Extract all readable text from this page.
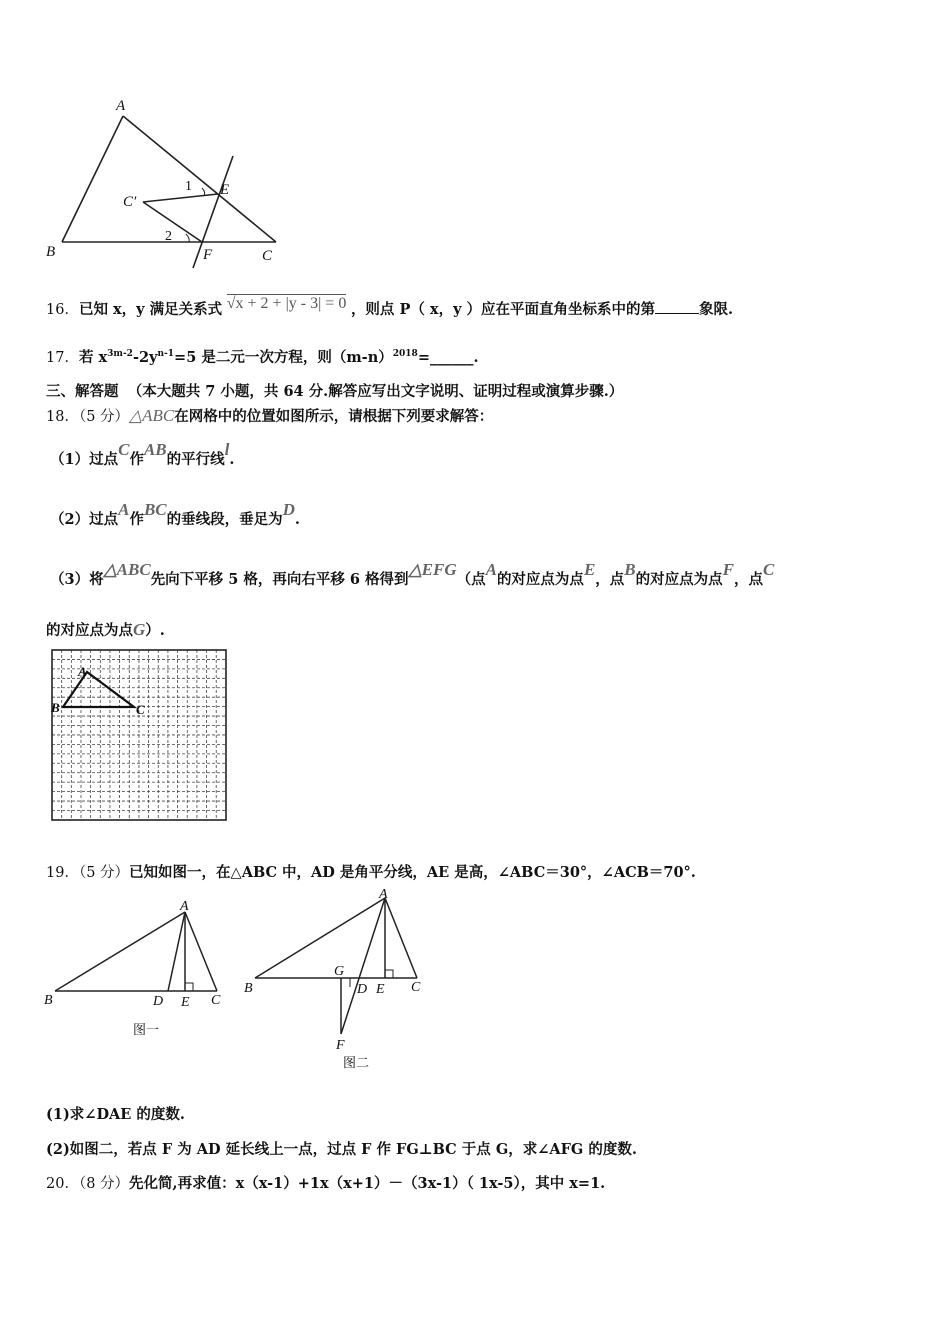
A
B	C
C′
E
F
1
2
16．已知 x，y 满足关系式 √x + 2 + |y - 3| = 0 ，则点 P（ x，y ）应在平面直角坐标系中的第	象限.
17．若 $x^{3m-2}-2y^{n-1}=5$ 是二元一次方程，则$(m-n)^{2018}=\_\_\_\_\_\_$.
三、解答题 （本大题共 7 小题，共 64 分.解答应写出文字说明、证明过程或演算步骤.）
18．（5 分）△ABC在网格中的位置如图所示，请根据下列要求解答：
（1）过点C作AB的平行线l.
（2）过点A作BC的垂线段，垂足为D.
（3）将△ABC先向下平移 5 格，再向右平移 6 格得到△EFG（点A的对应点为点E，点B的对应点为点F，点C
的对应点为点G）.
A
B	C
19．（5 分）已知如图一，在△ABC 中，AD 是角平分线，AE 是高，∠ABC＝30°，∠ACB＝70°.
A
B	D E C
图一
A
B
G
D E C
F
图二
(1)求∠DAE 的度数.
(2)如图二，若点 F 为 AD 延长线上一点，过点 F 作 FG⊥BC 于点 G，求∠AFG 的度数.
20．（8 分）先化简,再求值：x（x-1）+1x（x+1）－（3x-1）（ 1x-5），其中 x=1.
